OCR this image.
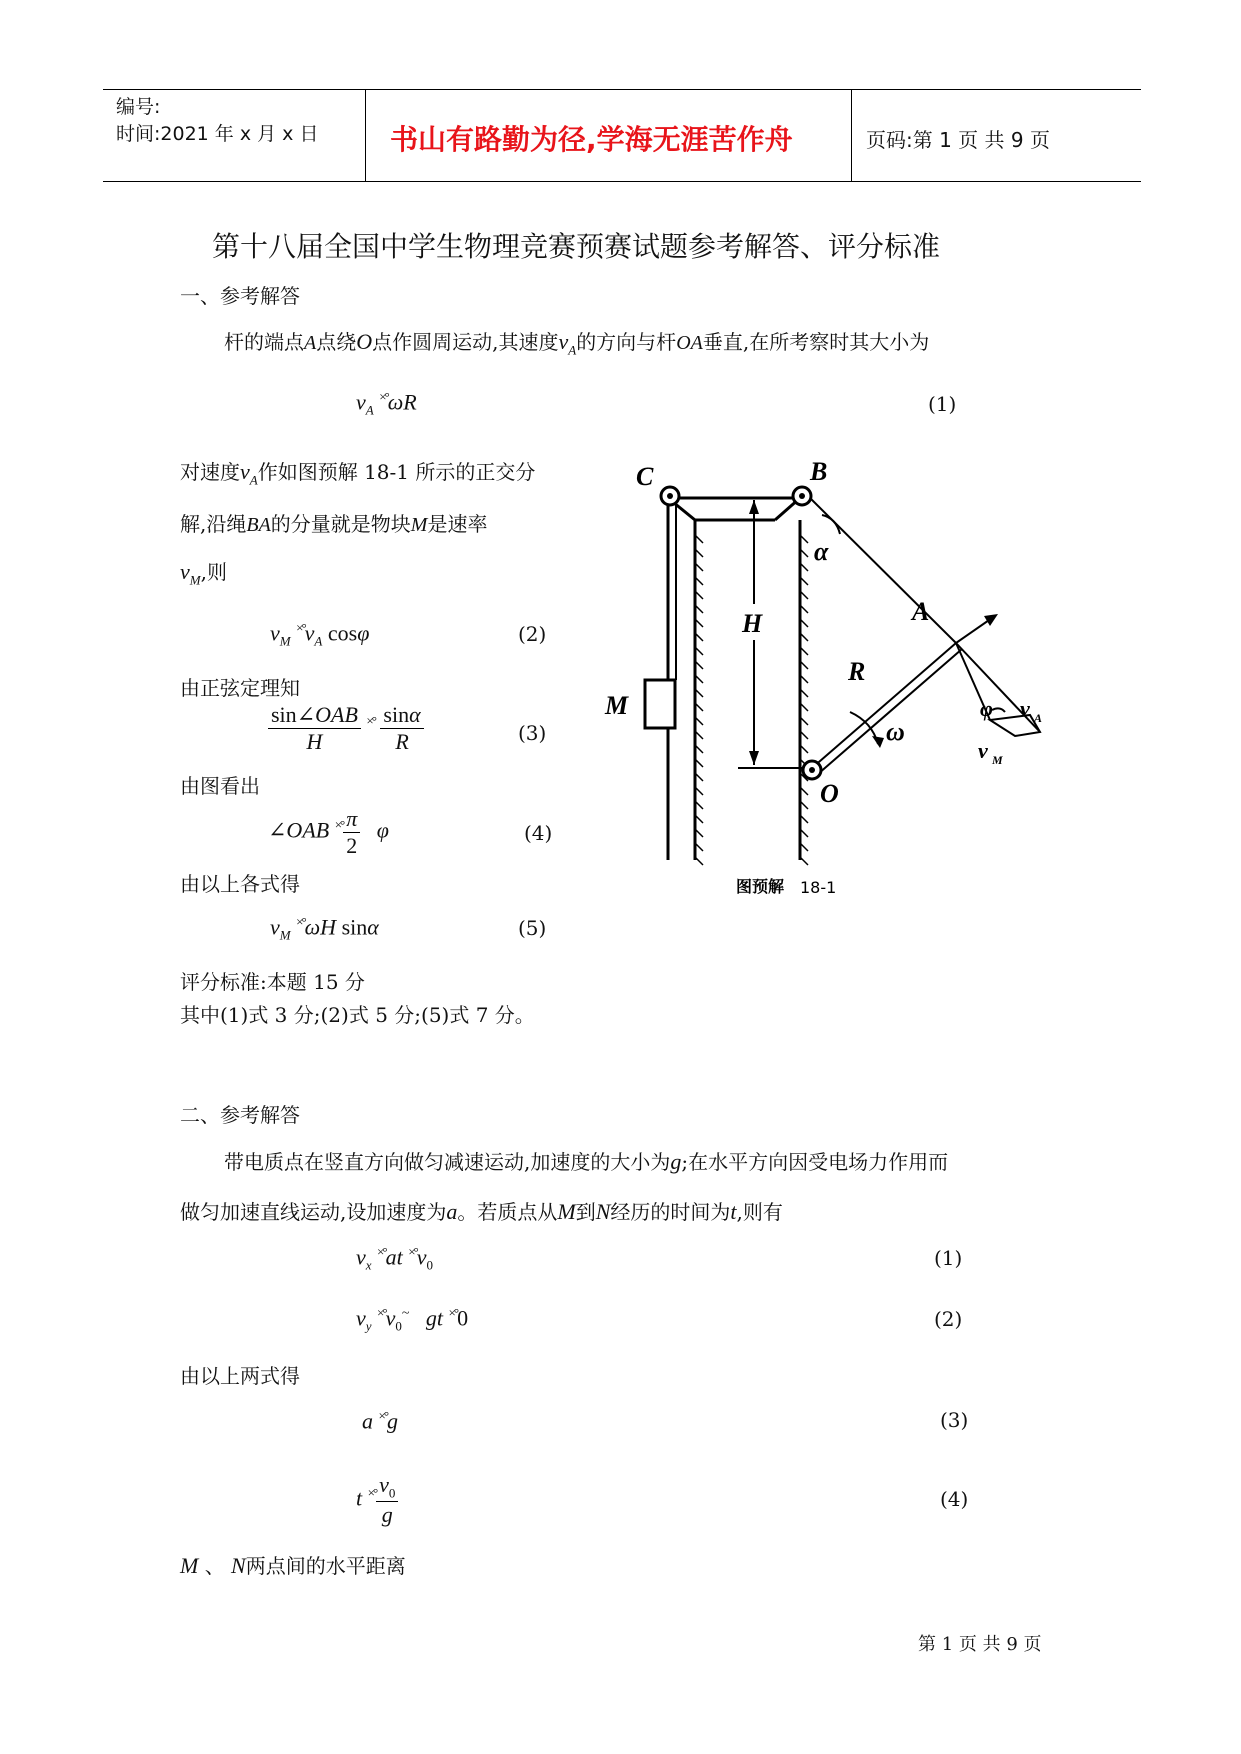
编号:
时间:2021 年 x 月 x 日	书山有路勤为径,学海无涯苦作舟	页码:第 1 页 共 9 页
第十八届全国中学生物理竞赛预赛试题参考解答、评分标准
一、参考解答
杆的端点A点绕O点作圆周运动,其速度$v_A$的方向与杆OA垂直,在所考察时其大小为
$v_A$ ×°ωR	(1)
对速度$v_A$作如图预解 18-1 所示的正交分
解,沿绳BA的分量就是物块M是速率
$v_M$,则
$v_M$ $^{\times^\circ}v_A$ cosφ	(2)
由正弦定理知
$\frac{\text{sin∠OAB}}{H} ^{\times^\circ} \frac{\sin\alpha}{R}$	(3)
由图看出
∠OAB $^{\times^\circ} \frac{\pi}{2}$ φ	(4)
由以上各式得
$v_M$ ×°ωH sinα	(5)
评分标准:本题 15 分
其中(1)式 3 分;(2)式 5 分;(5)式 7 分。
C	B
α
H	A
R
M
ω
O
φ v A
v M
图预解 18-1
二、参考解答
带电质点在竖直方向做匀减速运动,加速度的大小为g;在水平方向因受电场力作用而
做匀加速直线运动,设加速度为a。若质点从M到N经历的时间为t,则有
$v_x$ ×°at $^{\times^\circ}v_0$	(1)
$v_y$ $^{\times^\circ}v_0^\sim$   gt ×°0	(2)
由以上两式得
a ×°g	(3)
t $^{\times^\circ} \frac{v_0}{g}$	(4)
M 、 N两点间的水平距离
第 1 页 共 9 页
